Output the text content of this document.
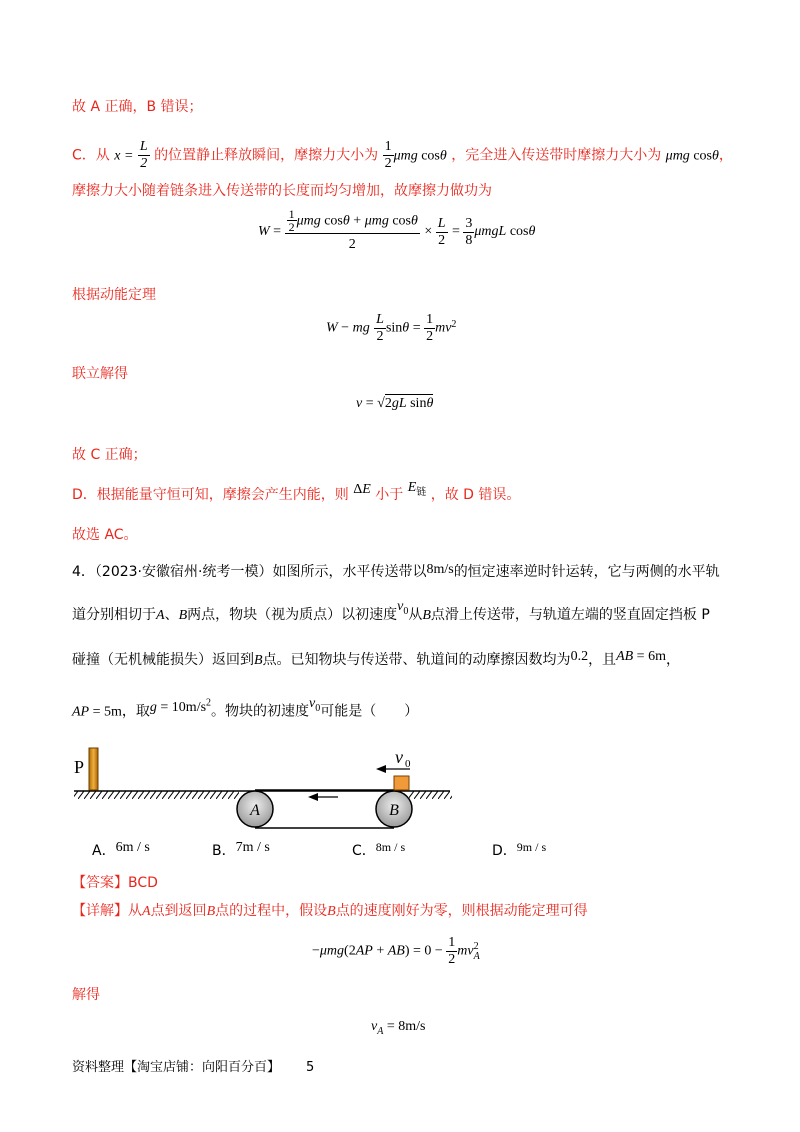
故 A 正确，B 错误；
C．从 $x = \frac{L}{2}$ 的位置静止释放瞬间，摩擦力大小为 $\frac{1}{2}$ μmg cosθ ，完全进入传送带时摩擦力大小为 μmg cosθ，
摩擦力大小随着链条进入传送带的长度而均匀增加，故摩擦力做功为
$W = \frac{\frac{1}{2} \mu mg \cos\theta + \mu mg \cos\theta}{2} \times \frac{L}{2} = \frac{3}{8}$ μmgL cosθ
根据动能定理
W − mg $\frac{L}{2}$ $\sin\theta = \frac{1}{2} mv^2$
联立解得
v = √2gL sinθ
故 C 正确；
D．根据能量守恒可知，摩擦会产生内能，则 ΔE 小于 $E_链$ ，故 D 错误。
故选 AC。
4．（2023·安徽宿州·统考一模）如图所示，水平传送带以8m/s的恒定速率逆时针运转，它与两侧的水平轨
道分别相切于A、B两点，物块（视为质点）以初速度$v_0$从B点滑上传送带，与轨道左端的竖直固定挡板 P
碰撞（无机械能损失）返回到B点。已知物块与传送带、轨道间的动摩擦因数均为0.2，且AB = 6m，
AP = 5m，取$g = 10m/s^2$。物块的初速度$v_0$可能是（　　）
A	B
P	v 0
A．6m / s	B．7m / s	C．8m / s	D．9m / s
【答案】BCD
【详解】从A点到返回B点的过程中，假设B点的速度刚好为零，则根据动能定理可得
$-\mu mg(2AP + AB) = 0 - \frac{1}{2}$ mv 2
A
解得
$v_A = 8m/s$
资料整理【淘宝店铺：向阳百分百】 5
